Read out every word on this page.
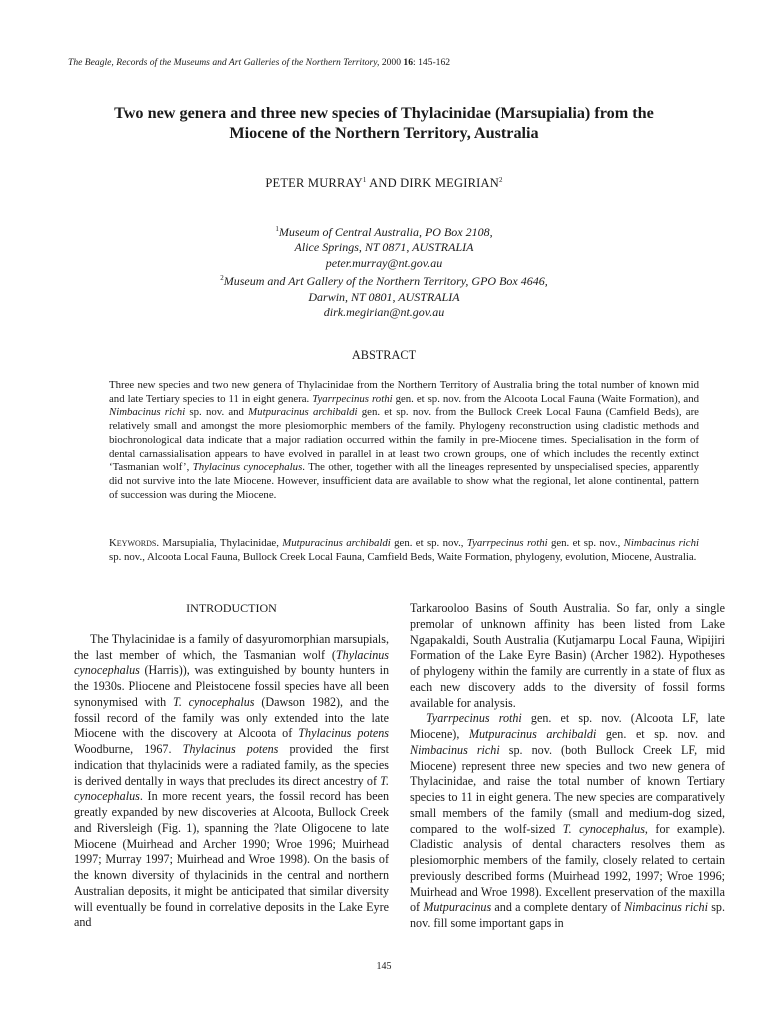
The Beagle, Records of the Museums and Art Galleries of the Northern Territory, 2000 16: 145-162
Two new genera and three new species of Thylacinidae (Marsupialia) from the
Miocene of the Northern Territory, Australia
PETER MURRAY$^1$ AND DIRK MEGIRIAN$^2$
$^1$Museum of Central Australia, PO Box 2108,
Alice Springs, NT 0871, AUSTRALIA
peter.murray@nt.gov.au
$^2$Museum and Art Gallery of the Northern Territory, GPO Box 4646,
Darwin, NT 0801, AUSTRALIA
dirk.megirian@nt.gov.au
ABSTRACT

Three new species and two new genera of Thylacinidae from the Northern Territory of Australia bring the total number of known mid and late Tertiary species to 11 in eight genera. Tyarrpecinus rothi gen. et sp. nov. from the Alcoota Local Fauna (Waite Formation), and Nimbacinus richi sp. nov. and Mutpuracinus archibaldi gen. et sp. nov. from the Bullock Creek Local Fauna (Camfield Beds), are relatively small and amongst the more plesiomorphic members of the family. Phylogeny reconstruction using cladistic methods and biochronological data indicate that a major radiation occurred within the family in pre-Miocene times. Specialisation in the form of dental carnassialisation appears to have evolved in parallel in at least two crown groups, one of which includes the recently extinct ‘Tasmanian wolf’, Thylacinus cynocephalus. The other, together with all the lineages represented by unspecialised species, apparently did not survive into the late Miocene. However, insufficient data are available to show what the regional, let alone continental, pattern of succession was during the Miocene.

Keywords. Marsupialia, Thylacinidae, Mutpuracinus archibaldi gen. et sp. nov., Tyarrpecinus rothi gen. et sp. nov., Nimbacinus richi sp. nov., Alcoota Local Fauna, Bullock Creek Local Fauna, Camfield Beds, Waite Formation, phylogeny, evolution, Miocene, Australia.

INTRODUCTION

The Thylacinidae is a family of dasyuromorphian marsupials, the last member of which, the Tasmanian wolf (Thylacinus cynocephalus (Harris)), was extinguished by bounty hunters in the 1930s. Pliocene and Pleistocene fossil species have all been synonymised with T. cynocephalus (Dawson 1982), and the fossil record of the family was only extended into the late Miocene with the discovery at Alcoota of Thylacinus potens Woodburne, 1967. Thylacinus potens provided the first indication that thylacinids were a radiated family, as the species is derived dentally in ways that precludes its direct ancestry of T. cynocephalus. In more recent years, the fossil record has been greatly expanded by new discoveries at Alcoota, Bullock Creek and Riversleigh (Fig. 1), spanning the ?late Oligocene to late Miocene (Muirhead and Archer 1990; Wroe 1996; Muirhead 1997; Murray 1997; Muirhead and Wroe 1998). On the basis of the known diversity of thylacinids in the central and northern Australian deposits, it might be anticipated that similar diversity will eventually be found in correlative deposits in the Lake Eyre and

Tarkarooloo Basins of South Australia. So far, only a single premolar of unknown affinity has been listed from Lake Ngapakaldi, South Australia (Kutjamarpu Local Fauna, Wipijiri Formation of the Lake Eyre Basin) (Archer 1982). Hypotheses of phylogeny within the family are currently in a state of flux as each new discovery adds to the diversity of fossil forms available for analysis.

Tyarrpecinus rothi gen. et sp. nov. (Alcoota LF, late Miocene), Mutpuracinus archibaldi gen. et sp. nov. and Nimbacinus richi sp. nov. (both Bullock Creek LF, mid Miocene) represent three new species and two new genera of Thylacinidae, and raise the total number of known Tertiary species to 11 in eight genera. The new species are comparatively small members of the family (small and medium-dog sized, compared to the wolf-sized T. cynocephalus, for example). Cladistic analysis of dental characters resolves them as plesiomorphic members of the family, closely related to certain previously described forms (Muirhead 1992, 1997; Wroe 1996; Muirhead and Wroe 1998). Excellent preservation of the maxilla of Mutpuracinus and a complete dentary of Nimbacinus richi sp. nov. fill some important gaps in

145
